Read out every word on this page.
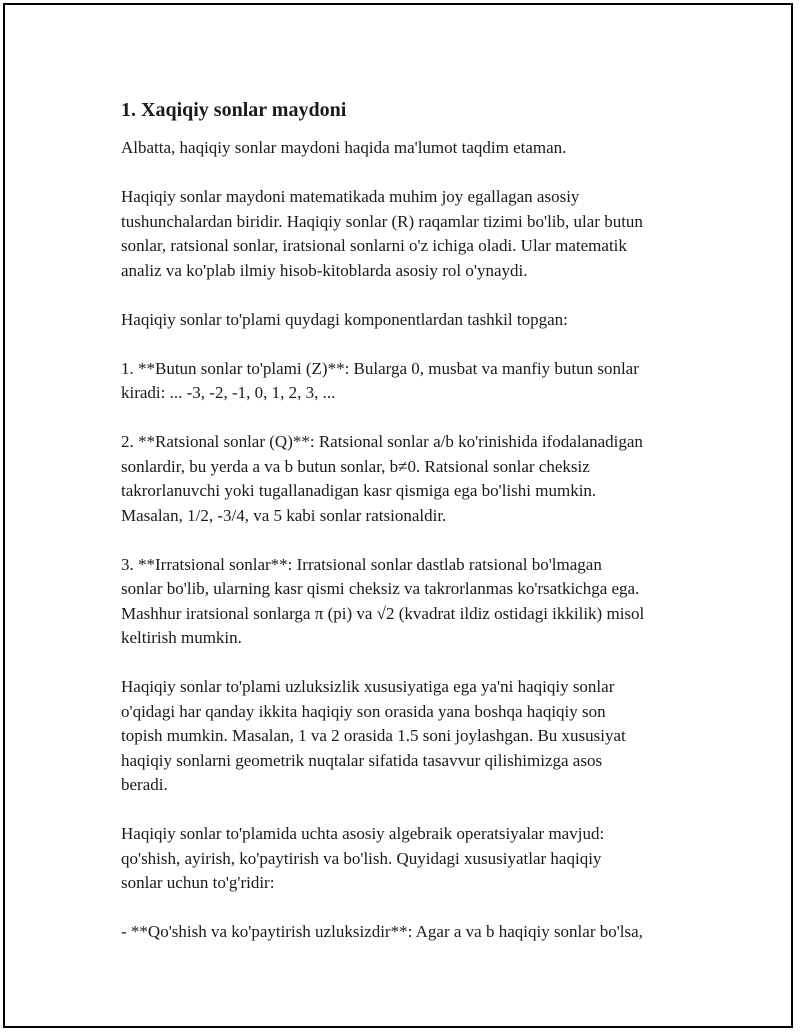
1. Xaqiqiy sonlar maydoni

Albatta, haqiqiy sonlar maydoni haqida ma'lumot taqdim etaman.

Haqiqiy sonlar maydoni matematikada muhim joy egallagan asosiy
tushunchalardan biridir. Haqiqiy sonlar (R) raqamlar tizimi bo'lib, ular butun
sonlar, ratsional sonlar, iratsional sonlarni o'z ichiga oladi. Ular matematik
analiz va ko'plab ilmiy hisob-kitoblarda asosiy rol o'ynaydi.

Haqiqiy sonlar to'plami quydagi komponentlardan tashkil topgan:

1. **Butun sonlar to'plami (Z)**: Bularga 0, musbat va manfiy butun sonlar
kiradi: ... -3, -2, -1, 0, 1, 2, 3, ...

2. **Ratsional sonlar (Q)**: Ratsional sonlar a/b ko'rinishida ifodalanadigan
sonlardir, bu yerda a va b butun sonlar, b≠0. Ratsional sonlar cheksiz
takrorlanuvchi yoki tugallanadigan kasr qismiga ega bo'lishi mumkin.
Masalan, 1/2, -3/4, va 5 kabi sonlar ratsionaldir.

3. **Irratsional sonlar**: Irratsional sonlar dastlab ratsional bo'lmagan
sonlar bo'lib, ularning kasr qismi cheksiz va takrorlanmas ko'rsatkichga ega.
Mashhur iratsional sonlarga π (pi) va √2 (kvadrat ildiz ostidagi ikkilik) misol
keltirish mumkin.

Haqiqiy sonlar to'plami uzluksizlik xususiyatiga ega ya'ni haqiqiy sonlar
o'qidagi har qanday ikkita haqiqiy son orasida yana boshqa haqiqiy son
topish mumkin. Masalan, 1 va 2 orasida 1.5 soni joylashgan. Bu xususiyat
haqiqiy sonlarni geometrik nuqtalar sifatida tasavvur qilishimizga asos
beradi.

Haqiqiy sonlar to'plamida uchta asosiy algebraik operatsiyalar mavjud:
qo'shish, ayirish, ko'paytirish va bo'lish. Quyidagi xususiyatlar haqiqiy
sonlar uchun to'g'ridir:

- **Qo'shish va ko'paytirish uzluksizdir**: Agar a va b haqiqiy sonlar bo'lsa,
